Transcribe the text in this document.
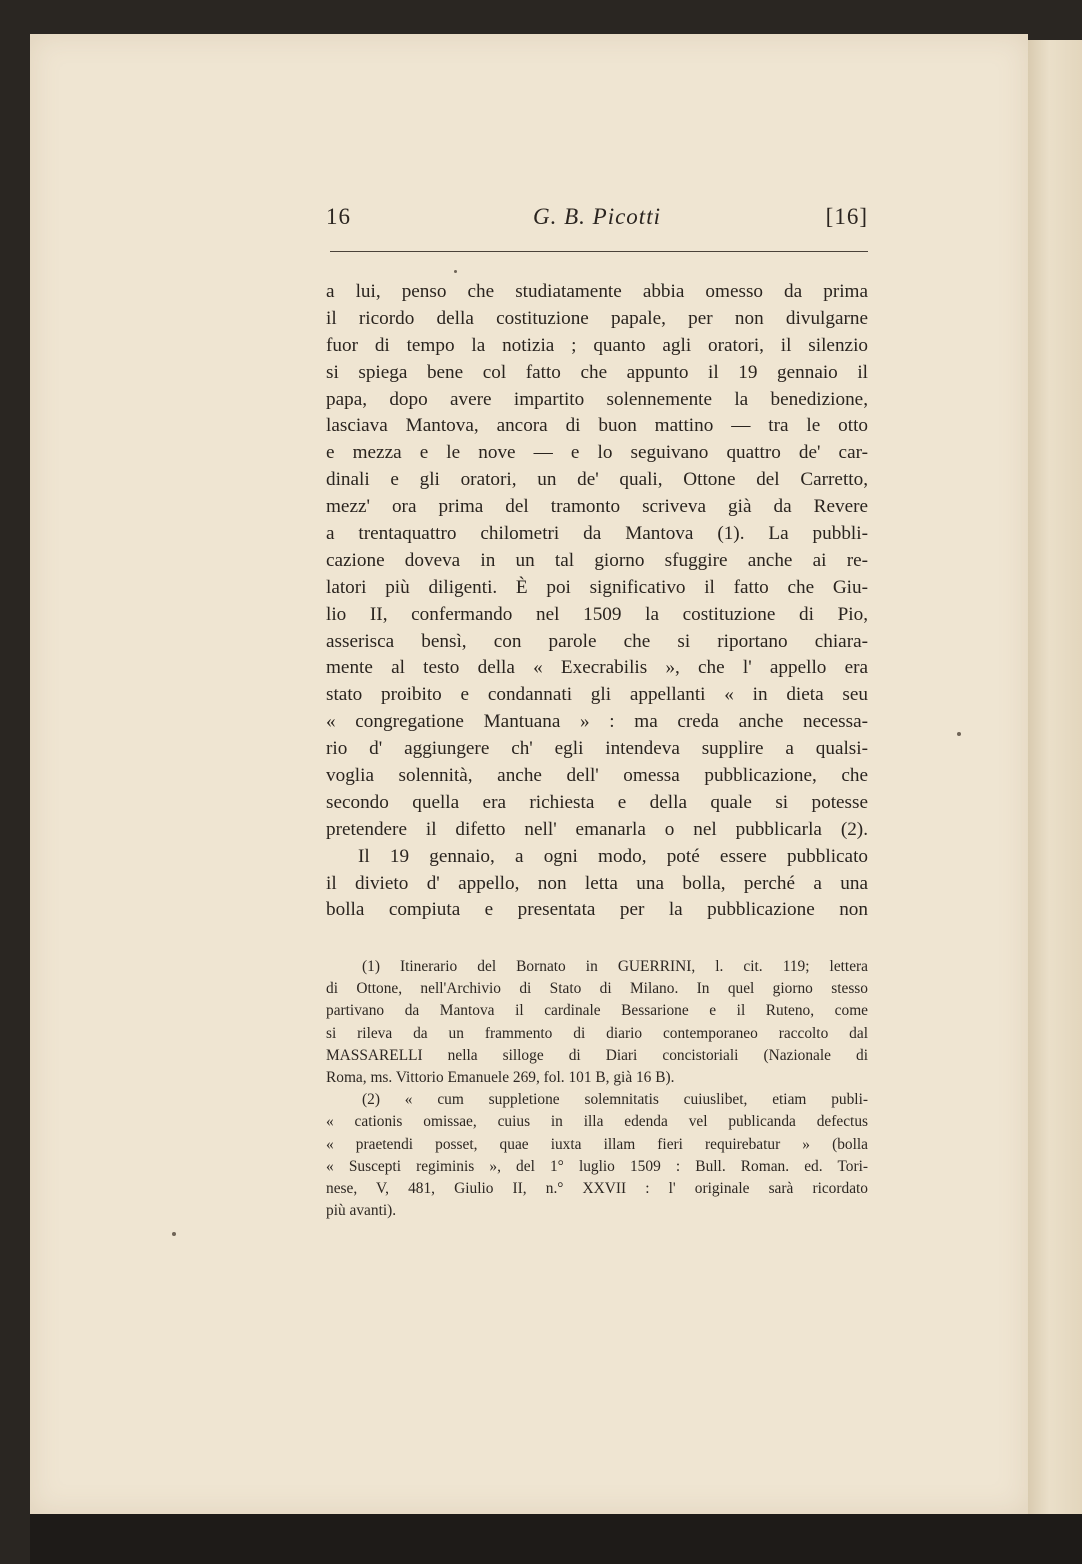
16	G. B. Picotti	[16]
a lui, penso che studiatamente abbia omesso da prima
il ricordo della costituzione papale, per non divulgarne
fuor di tempo la notizia ; quanto agli oratori, il silenzio
si spiega bene col fatto che appunto il 19 gennaio il
papa, dopo avere impartito solennemente la benedizione,
lasciava Mantova, ancora di buon mattino — tra le otto
e mezza e le nove — e lo seguivano quattro de' car-
dinali e gli oratori, un de' quali, Ottone del Carretto,
mezz' ora prima del tramonto scriveva già da Revere
a trentaquattro chilometri da Mantova (1). La pubbli-
cazione doveva in un tal giorno sfuggire anche ai re-
latori più diligenti. È poi significativo il fatto che Giu-
lio II, confermando nel 1509 la costituzione di Pio,
asserisca bensì, con parole che si riportano chiara-
mente al testo della « Execrabilis », che l' appello era
stato proibito e condannati gli appellanti « in dieta seu
« congregatione Mantuana » : ma creda anche necessa-
rio d' aggiungere ch' egli intendeva supplire a qualsi-
voglia solennità, anche dell' omessa pubblicazione, che
secondo quella era richiesta e della quale si potesse
pretendere il difetto nell' emanarla o nel pubblicarla (2).
Il 19 gennaio, a ogni modo, poté essere pubblicato
il divieto d' appello, non letta una bolla, perché a una
bolla compiuta e presentata per la pubblicazione non
(1) Itinerario del Bornato in GUERRINI, l. cit. 119; lettera
di Ottone, nell'Archivio di Stato di Milano. In quel giorno stesso
partivano da Mantova il cardinale Bessarione e il Ruteno, come
si rileva da un frammento di diario contemporaneo raccolto dal
MASSARELLI nella silloge di Diari concistoriali (Nazionale di
Roma, ms. Vittorio Emanuele 269, fol. 101 B, già 16 B).
(2) « cum suppletione solemnitatis cuiuslibet, etiam publi-
« cationis omissae, cuius in illa edenda vel publicanda defectus
« praetendi posset, quae iuxta illam fieri requirebatur » (bolla
« Suscepti regiminis », del 1° luglio 1509 : Bull. Roman. ed. Tori-
nese, V, 481, Giulio II, n.° XXVII : l' originale sarà ricordato
più avanti).
